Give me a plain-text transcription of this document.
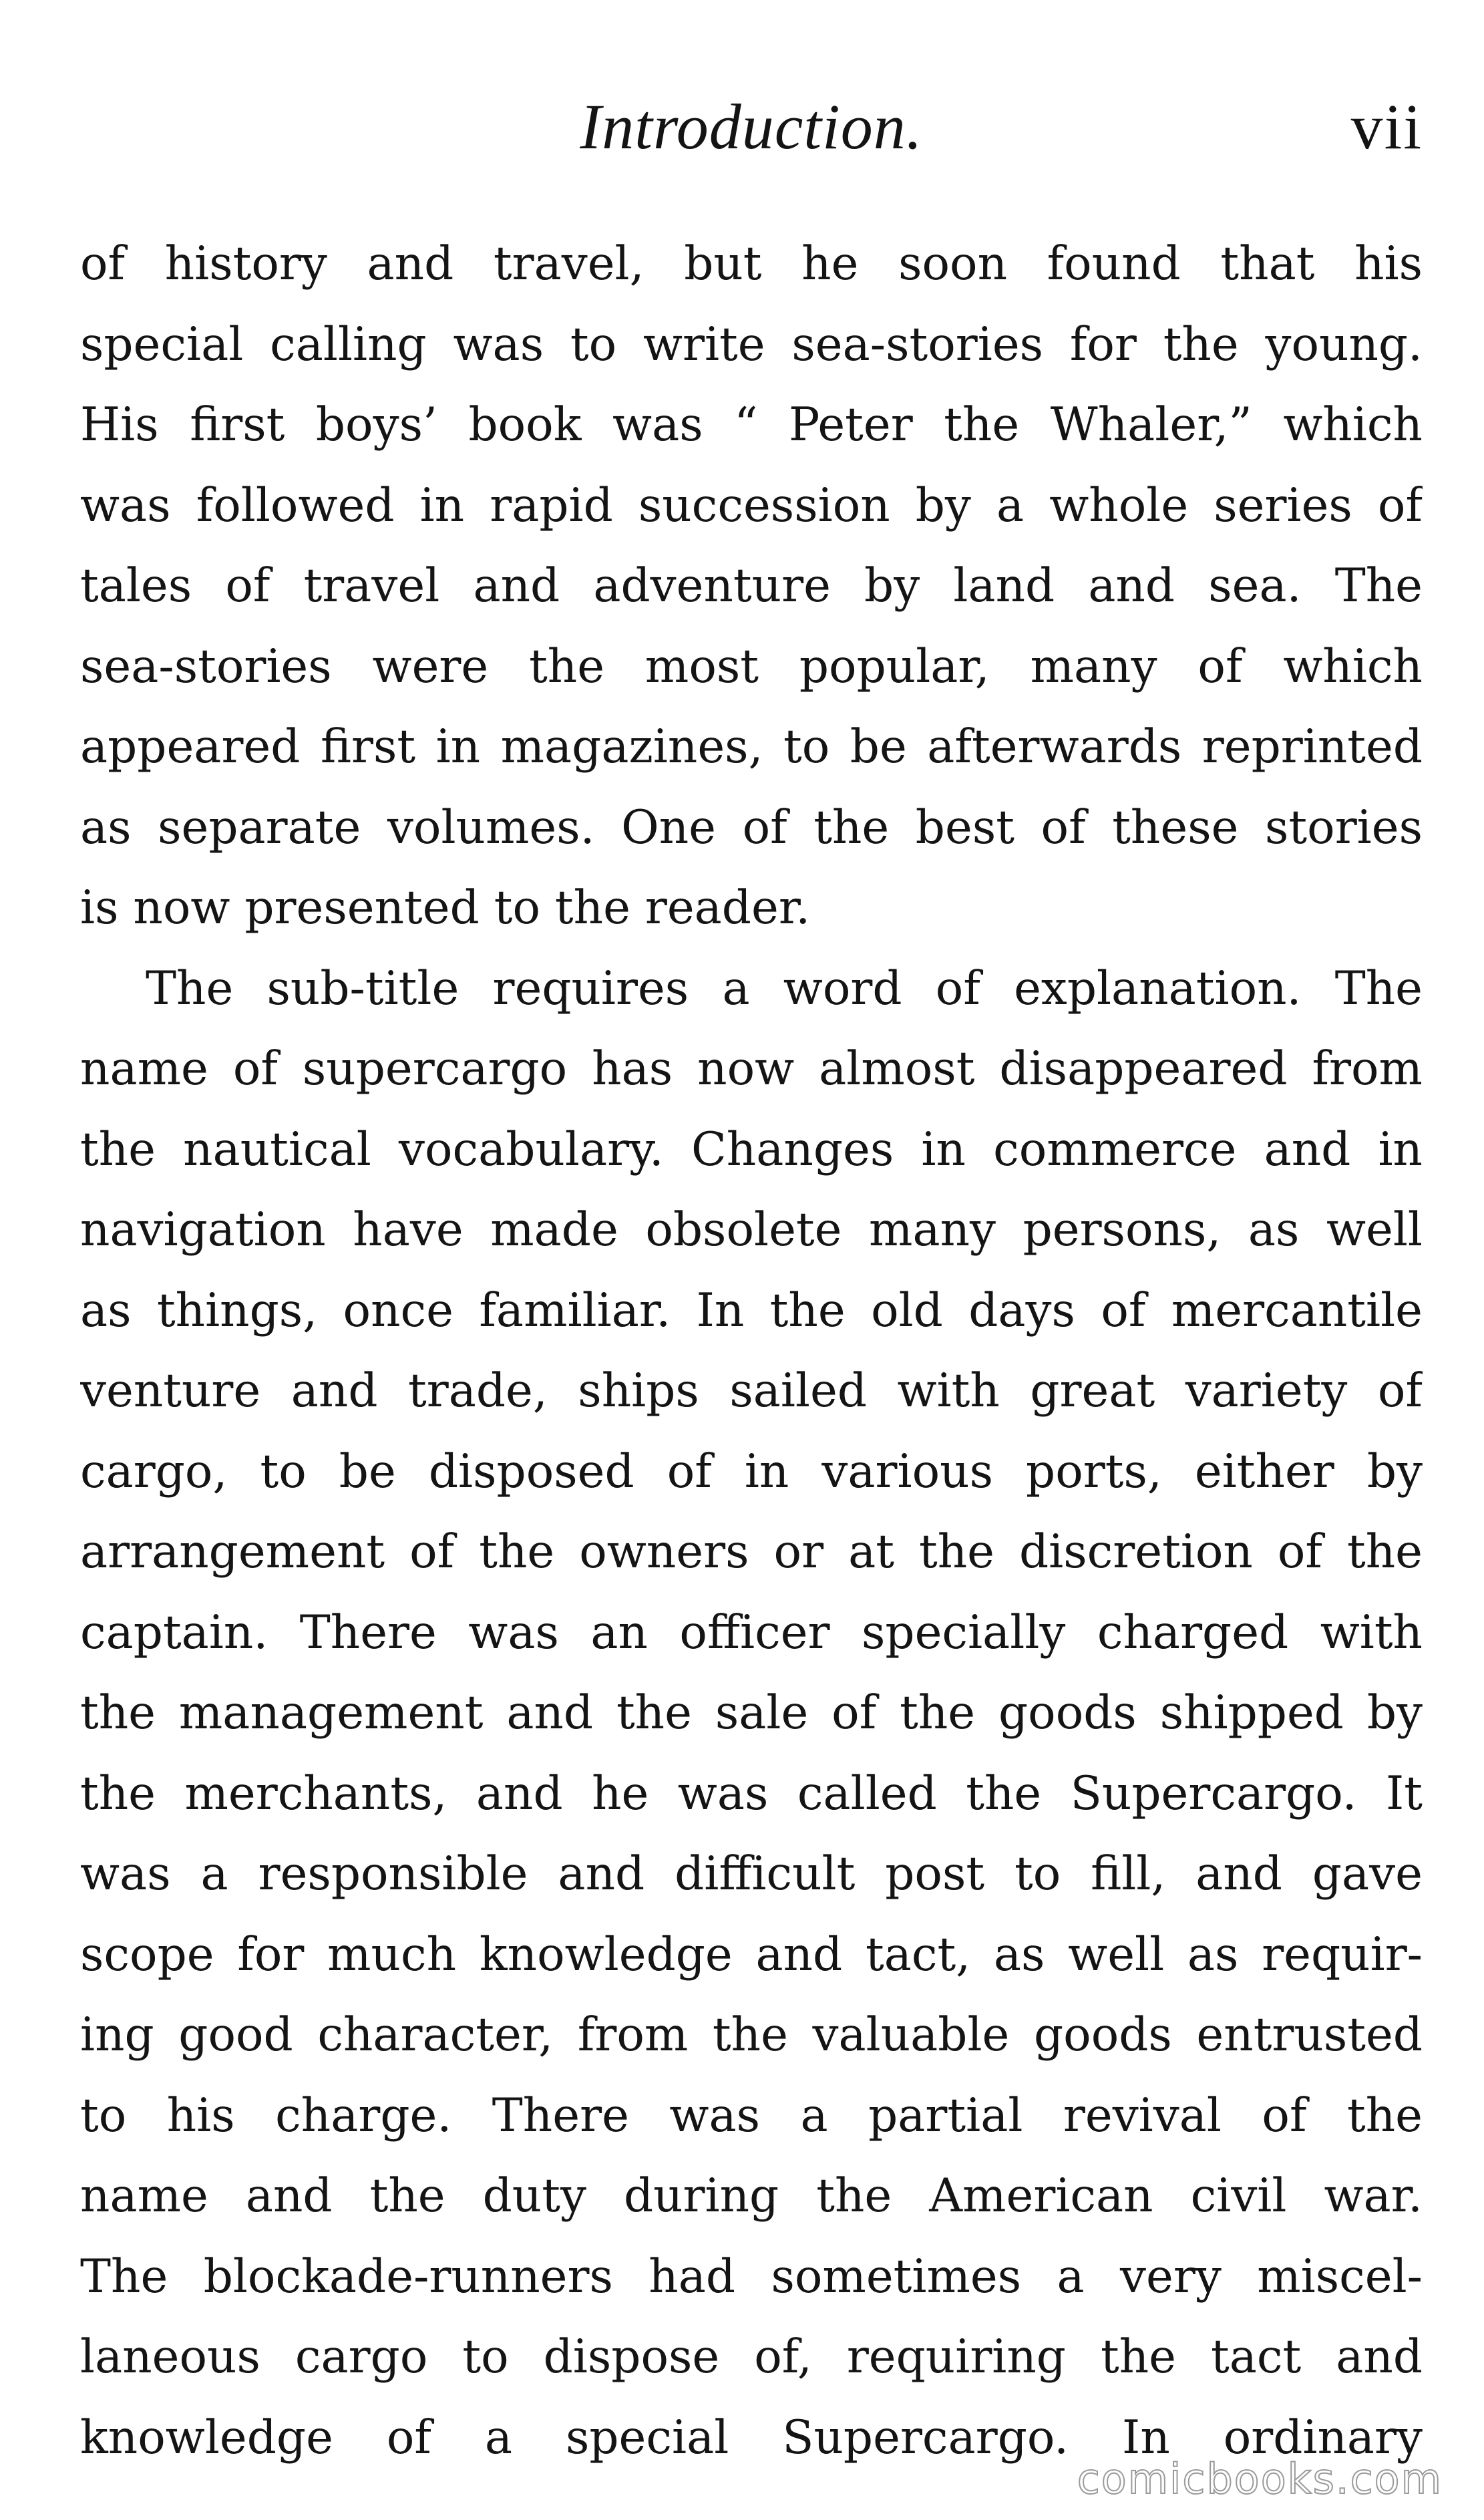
Introduction.	vii
of history and travel, but he soon found that his
special calling was to write sea-stories for the young.
His first boys’ book was “ Peter the Whaler,” which
was followed in rapid succession by a whole series of
tales of travel and adventure by land and sea. The
sea-stories were the most popular, many of which
appeared first in magazines, to be afterwards reprinted
as separate volumes. One of the best of these stories
is now presented to the reader.
The sub-title requires a word of explanation. The
name of supercargo has now almost disappeared from
the nautical vocabulary. Changes in commerce and in
navigation have made obsolete many persons, as well
as things, once familiar. In the old days of mercantile
venture and trade, ships sailed with great variety of
cargo, to be disposed of in various ports, either by
arrangement of the owners or at the discretion of the
captain. There was an officer specially charged with
the management and the sale of the goods shipped by
the merchants, and he was called the Supercargo. It
was a responsible and difficult post to fill, and gave
scope for much knowledge and tact, as well as requir-
ing good character, from the valuable goods entrusted
to his charge. There was a partial revival of the
name and the duty during the American civil war.
The blockade-runners had sometimes a very miscel-
laneous cargo to dispose of, requiring the tact and
knowledge of a special Supercargo. In ordinary
comicbooks.com
